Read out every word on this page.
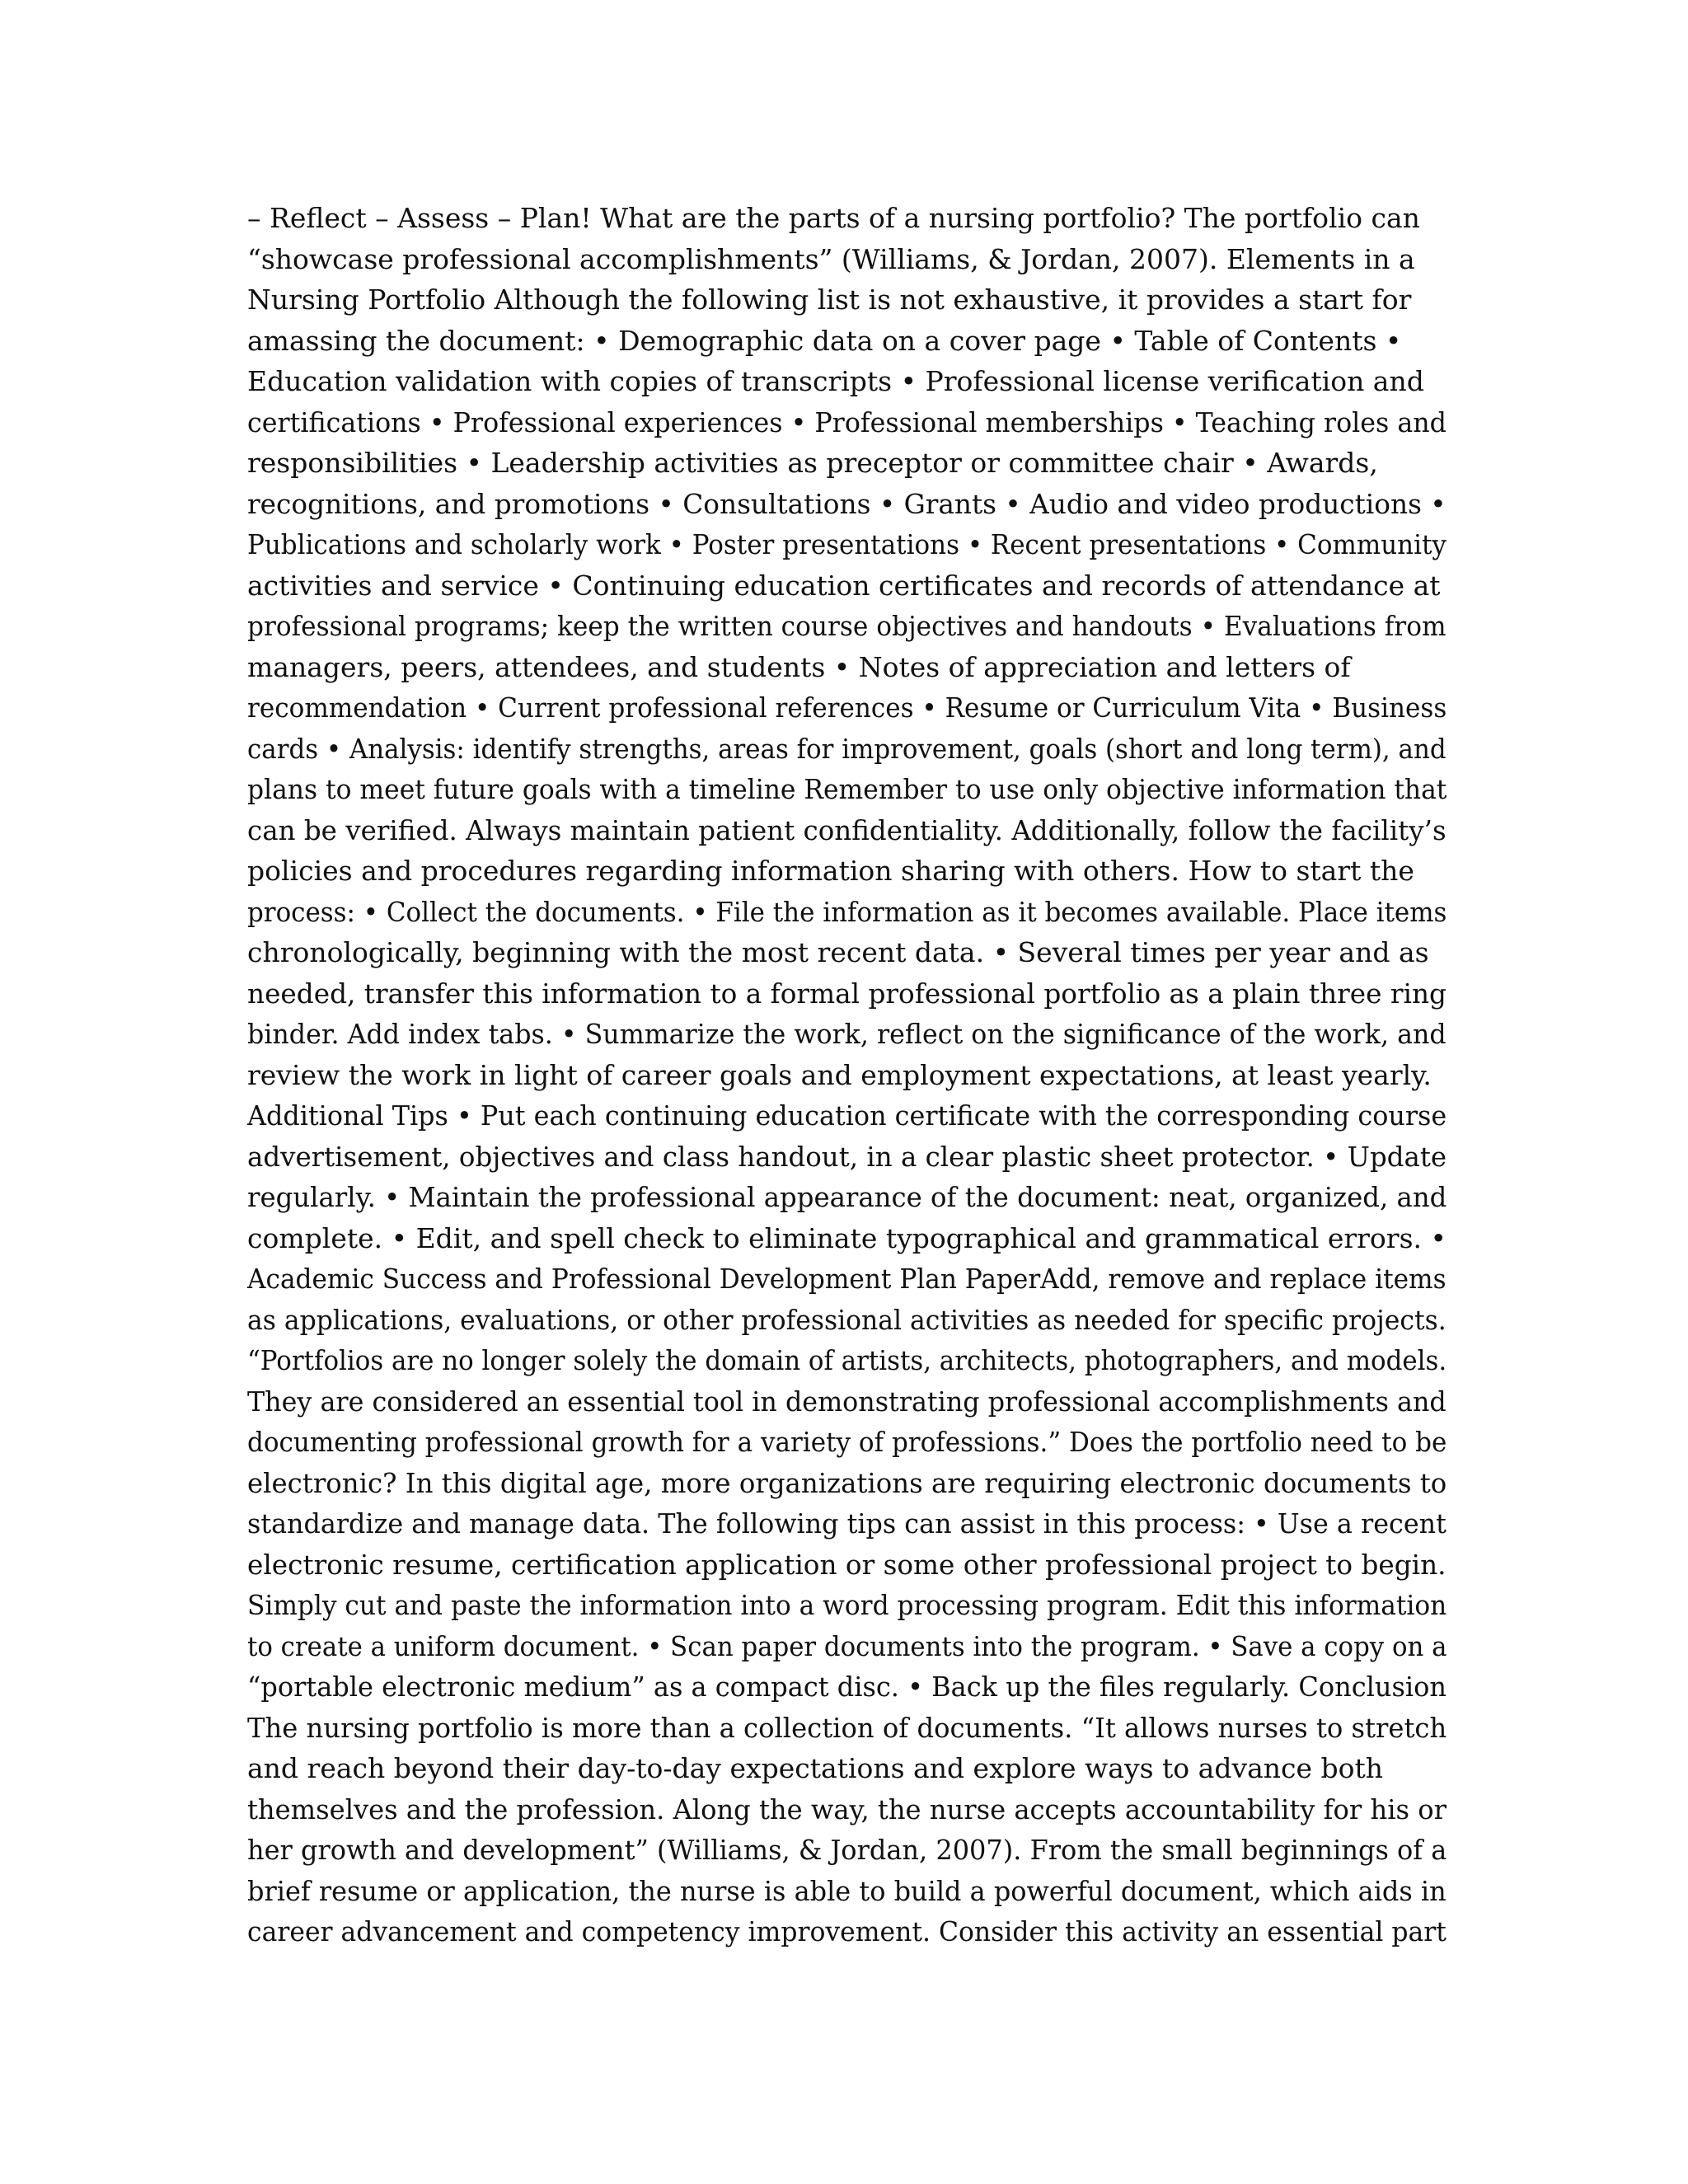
– Reflect – Assess – Plan! What are the parts of a nursing portfolio? The portfolio can
“showcase professional accomplishments” (Williams, & Jordan, 2007). Elements in a
Nursing Portfolio Although the following list is not exhaustive, it provides a start for
amassing the document: • Demographic data on a cover page • Table of Contents •
Education validation with copies of transcripts • Professional license verification and
certifications • Professional experiences • Professional memberships • Teaching roles and
responsibilities • Leadership activities as preceptor or committee chair • Awards,
recognitions, and promotions • Consultations • Grants • Audio and video productions •
Publications and scholarly work • Poster presentations • Recent presentations • Community
activities and service • Continuing education certificates and records of attendance at
professional programs; keep the written course objectives and handouts • Evaluations from
managers, peers, attendees, and students • Notes of appreciation and letters of
recommendation • Current professional references • Resume or Curriculum Vita • Business
cards • Analysis: identify strengths, areas for improvement, goals (short and long term), and
plans to meet future goals with a timeline Remember to use only objective information that
can be verified. Always maintain patient confidentiality. Additionally, follow the facility’s
policies and procedures regarding information sharing with others. How to start the
process: • Collect the documents. • File the information as it becomes available. Place items
chronologically, beginning with the most recent data. • Several times per year and as
needed, transfer this information to a formal professional portfolio as a plain three ring
binder. Add index tabs. • Summarize the work, reflect on the significance of the work, and
review the work in light of career goals and employment expectations, at least yearly.
Additional Tips • Put each continuing education certificate with the corresponding course
advertisement, objectives and class handout, in a clear plastic sheet protector. • Update
regularly. • Maintain the professional appearance of the document: neat, organized, and
complete. • Edit, and spell check to eliminate typographical and grammatical errors. •
Academic Success and Professional Development Plan PaperAdd, remove and replace items
as applications, evaluations, or other professional activities as needed for specific projects.
“Portfolios are no longer solely the domain of artists, architects, photographers, and models.
They are considered an essential tool in demonstrating professional accomplishments and
documenting professional growth for a variety of professions.” Does the portfolio need to be
electronic? In this digital age, more organizations are requiring electronic documents to
standardize and manage data. The following tips can assist in this process: • Use a recent
electronic resume, certification application or some other professional project to begin.
Simply cut and paste the information into a word processing program. Edit this information
to create a uniform document. • Scan paper documents into the program. • Save a copy on a
“portable electronic medium” as a compact disc. • Back up the files regularly. Conclusion
The nursing portfolio is more than a collection of documents. “It allows nurses to stretch
and reach beyond their day-to-day expectations and explore ways to advance both
themselves and the profession. Along the way, the nurse accepts accountability for his or
her growth and development” (Williams, & Jordan, 2007). From the small beginnings of a
brief resume or application, the nurse is able to build a powerful document, which aids in
career advancement and competency improvement. Consider this activity an essential part
